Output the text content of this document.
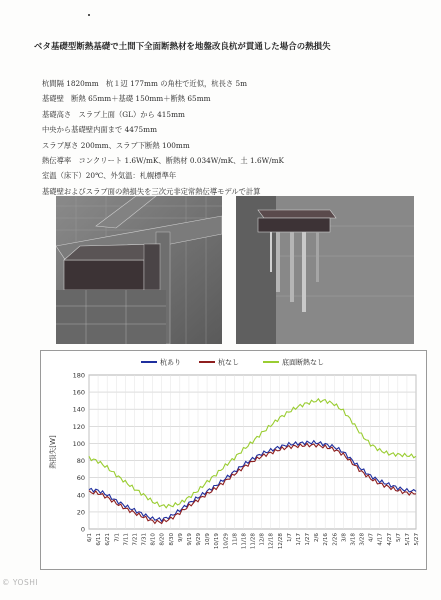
ベタ基礎型断熱基礎で土間下全面断熱材を地盤改良杭が貫通した場合の熱損失
杭間隔 1820mm　杭１辺 177mm の角柱で近似，杭長さ 5m
基礎壁　断熱 65mm＋基礎 150mm＋断熱 65mm
基礎高さ　スラブ上面（GL）から 415mm
中央から基礎壁内面まで 4475mm
スラブ厚さ 200mm、スラブ下断熱 100mm
熱伝導率　コンクリート 1.6W/mK、断熱材 0.034W/mK、土 1.6W/mK
室温（床下）20℃、外気温：札幌標準年
基礎壁およびスラブ面の熱損失を三次元非定常熱伝導モデルで計算
0
20
40
60
80
100
120
140
160
180
6/1 6/11 6/21 7/1 7/11 7/21 7/31 8/10 8/20 8/30 9/9 9/19 9/29 10/9 10/19 10/29 11/8 11/18 11/28 12/8 12/18 12/28 1/7 1/17 1/27 2/6 2/16 2/26 3/8 3/18 3/28 4/7 4/17 4/27 5/7 5/17 5/27
熱損失[W]
杭あり	杭なし	底面断熱なし
© YOSHI
